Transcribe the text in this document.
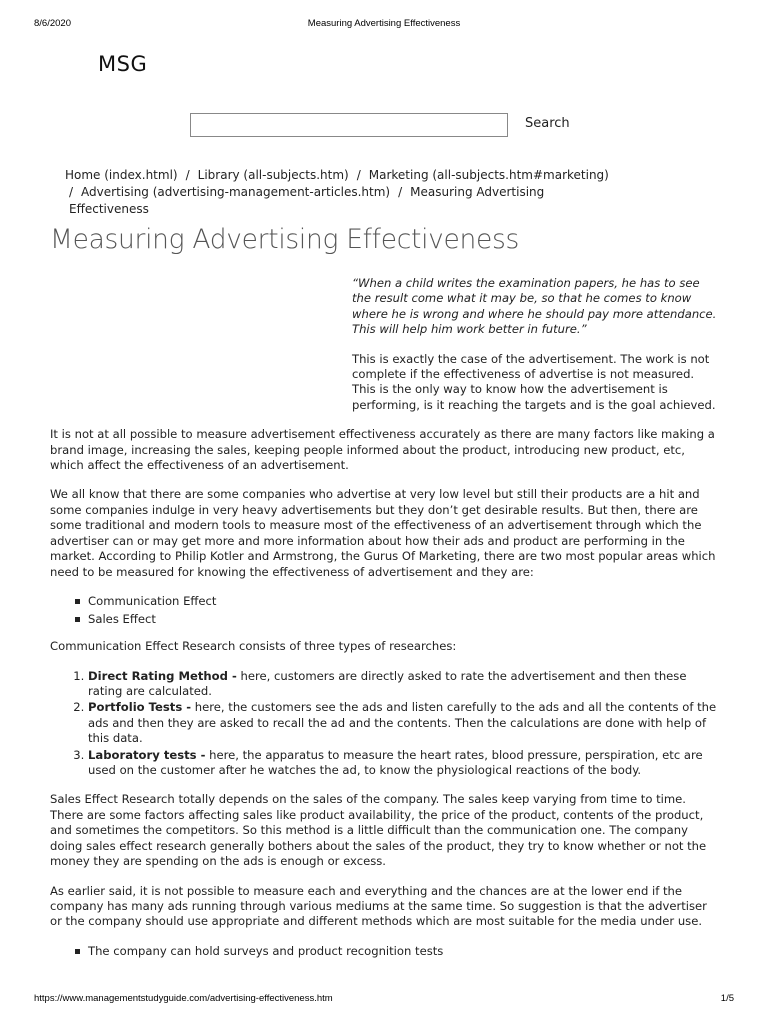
8/6/2020	Measuring Advertising Effectiveness
MSG
Search
Home (index.html) / Library (all-subjects.htm) / Marketing (all-subjects.htm#marketing)
/ Advertising (advertising-management-articles.htm) / Measuring Advertising Effectiveness
Measuring Advertising Effectiveness

“When a child writes the examination papers, he has to see the result come what it may be, so that he comes to know where he is wrong and where he should pay more attendance. This will help him work better in future.”

This is exactly the case of the advertisement. The work is not complete if the effectiveness of advertise is not measured. This is the only way to know how the advertisement is performing, is it reaching the targets and is the goal achieved.

It is not at all possible to measure advertisement effectiveness accurately as there are many factors like making a brand image, increasing the sales, keeping people informed about the product, introducing new product, etc, which affect the effectiveness of an advertisement.

We all know that there are some companies who advertise at very low level but still their products are a hit and some companies indulge in very heavy advertisements but they don’t get desirable results. But then, there are some traditional and modern tools to measure most of the effectiveness of an advertisement through which the advertiser can or may get more and more information about how their ads and product are performing in the market. According to Philip Kotler and Armstrong, the Gurus Of Marketing, there are two most popular areas which need to be measured for knowing the effectiveness of advertisement and they are:

Communication Effect
Sales Effect

Communication Effect Research consists of three types of researches:

1. Direct Rating Method - here, customers are directly asked to rate the advertisement and then these rating are calculated.
2. Portfolio Tests - here, the customers see the ads and listen carefully to the ads and all the contents of the ads and then they are asked to recall the ad and the contents. Then the calculations are done with help of this data.
3. Laboratory tests - here, the apparatus to measure the heart rates, blood pressure, perspiration, etc are used on the customer after he watches the ad, to know the physiological reactions of the body.

Sales Effect Research totally depends on the sales of the company. The sales keep varying from time to time. There are some factors affecting sales like product availability, the price of the product, contents of the product, and sometimes the competitors. So this method is a little difficult than the communication one. The company doing sales effect research generally bothers about the sales of the product, they try to know whether or not the money they are spending on the ads is enough or excess.

As earlier said, it is not possible to measure each and everything and the chances are at the lower end if the company has many ads running through various mediums at the same time. So suggestion is that the advertiser or the company should use appropriate and different methods which are most suitable for the media under use.

The company can hold surveys and product recognition tests
https://www.managementstudyguide.com/advertising-effectiveness.htm	1/5
